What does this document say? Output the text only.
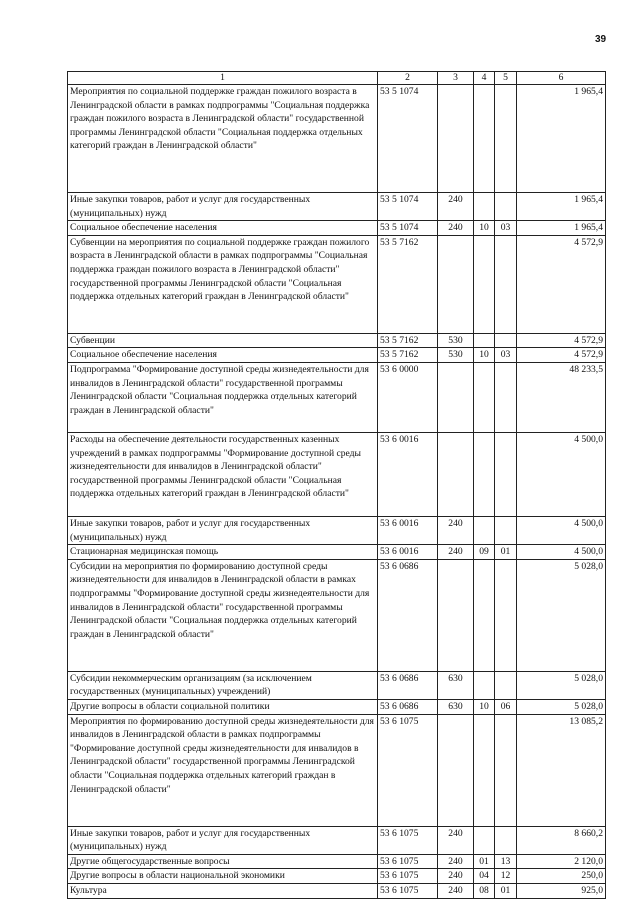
39
1	2	3	4	5	6
Мероприятия по социальной поддержке граждан пожилого возраста в Ленинградской области в рамках подпрограммы "Социальная поддержка граждан пожилого возраста в Ленинградской области" государственной программы Ленинградской области "Социальная поддержка отдельных категорий граждан в Ленинградской области"	53 5 1074				1 965,4
Иные закупки товаров, работ и услуг для государственных (муниципальных) нужд	53 5 1074	240			1 965,4
Социальное обеспечение населения	53 5 1074	240	10	03	1 965,4
Субвенции на мероприятия по социальной поддержке граждан пожилого возраста в Ленинградской области в рамках подпрограммы "Социальная поддержка граждан пожилого возраста в Ленинградской области" государственной программы Ленинградской области "Социальная поддержка отдельных категорий граждан в Ленинградской области"	53 5 7162				4 572,9
Субвенции	53 5 7162	530			4 572,9
Социальное обеспечение населения	53 5 7162	530	10	03	4 572,9
Подпрограмма "Формирование доступной среды жизнедеятельности для инвалидов в Ленинградской области" государственной программы Ленинградской области "Социальная поддержка отдельных категорий граждан в Ленинградской области"	53 6 0000				48 233,5
Расходы на обеспечение деятельности государственных казенных учреждений в рамках подпрограммы "Формирование доступной среды жизнедеятельности для инвалидов в Ленинградской области" государственной программы Ленинградской области "Социальная поддержка отдельных категорий граждан в Ленинградской области"	53 6 0016				4 500,0
Иные закупки товаров, работ и услуг для государственных (муниципальных) нужд	53 6 0016	240			4 500,0
Стационарная медицинская помощь	53 6 0016	240	09	01	4 500,0
Субсидии на мероприятия по формированию доступной среды жизнедеятельности для инвалидов в Ленинградской области в рамках подпрограммы "Формирование доступной среды жизнедеятельности для инвалидов в Ленинградской области" государственной программы Ленинградской области "Социальная поддержка отдельных категорий граждан в Ленинградской области"	53 6 0686				5 028,0
Субсидии некоммерческим организациям (за исключением государственных (муниципальных) учреждений)	53 6 0686	630			5 028,0
Другие вопросы в области социальной политики	53 6 0686	630	10	06	5 028,0
Мероприятия по формированию доступной среды жизнедеятельности для инвалидов в Ленинградской области в рамках подпрограммы "Формирование доступной среды жизнедеятельности для инвалидов в Ленинградской области" государственной программы Ленинградской области "Социальная поддержка отдельных категорий граждан в Ленинградской области"	53 6 1075				13 085,2
Иные закупки товаров, работ и услуг для государственных (муниципальных) нужд	53 6 1075	240			8 660,2
Другие общегосударственные вопросы	53 6 1075	240	01	13	2 120,0
Другие вопросы в области национальной экономики	53 6 1075	240	04	12	250,0
Культура	53 6 1075	240	08	01	925,0
